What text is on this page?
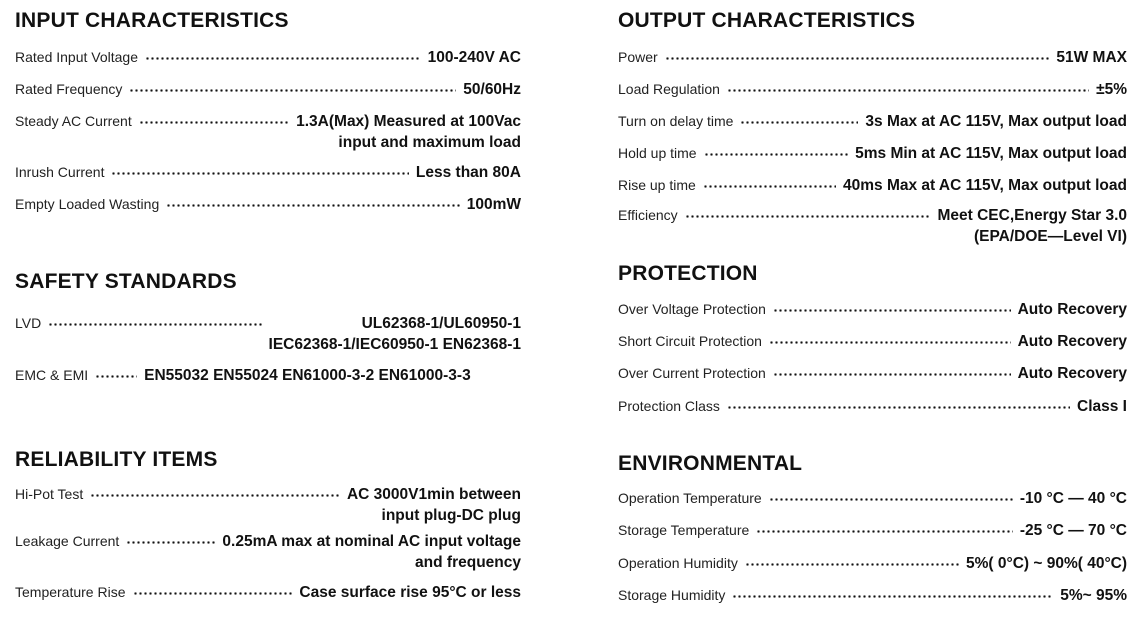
INPUT CHARACTERISTICS
Rated Input Voltage	100-240V AC
Rated Frequency	50/60Hz
Steady AC Current	1.3A(Max) Measured at 100Vac
input and maximum load
Inrush Current	Less than 80A
Empty Loaded Wasting	100mW
SAFETY STANDARDS
LVD	UL62368-1/UL60950-1
IEC62368-1/IEC60950-1 EN62368-1
EMC & EMI	EN55032 EN55024 EN61000-3-2 EN61000-3-3
RELIABILITY ITEMS
Hi-Pot Test	AC 3000V1min between
input plug-DC plug
Leakage Current	0.25mA max at nominal AC input voltage
and frequency
Temperature Rise	Case surface rise 95°C or less
OUTPUT CHARACTERISTICS
Power	51W MAX
Load Regulation	±5%
Turn on delay time	3s Max at AC 115V, Max output load
Hold up time	5ms Min at AC 115V, Max output load
Rise up time	40ms Max at AC 115V, Max output load
Efficiency	Meet CEC,Energy Star 3.0
(EPA/DOE—Level VI)
PROTECTION
Over Voltage Protection	Auto Recovery
Short Circuit Protection	Auto Recovery
Over Current Protection	Auto Recovery
Protection Class	Class I
ENVIRONMENTAL
Operation Temperature	-10 °C — 40 °C
Storage Temperature	-25 °C — 70 °C
Operation Humidity	5%( 0°C) ~ 90%( 40°C)
Storage Humidity	5%~ 95%
